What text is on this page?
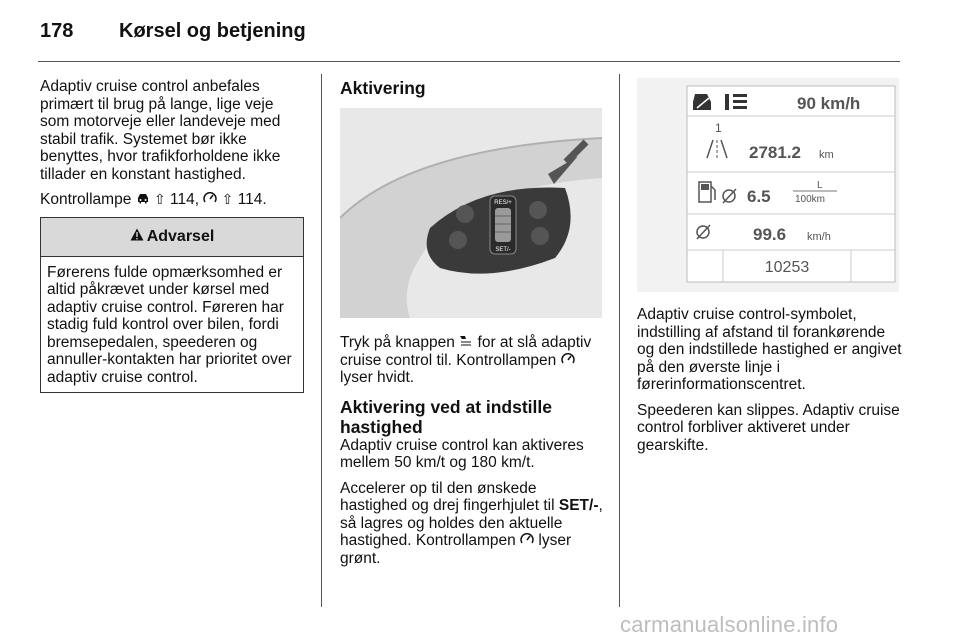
178 Kørsel og betjening

Adaptiv cruise control anbefales primært til brug på lange, lige veje som motorveje eller landeveje med stabil trafik. Systemet bør ikke benyttes, hvor trafikforholdene ikke tillader en konstant hastighed.

Kontrollampe ⇧ 114, ⇧ 114.

Advarsel
Førerens fulde opmærksomhed er altid påkrævet under kørsel med adaptiv cruise control. Føreren har stadig fuld kontrol over bilen, fordi bremsepedalen, speederen og annuller-kontakten har prioritet over adaptiv cruise control.
Aktivering
RES/+
SET/-

Tryk på knappen for at slå adaptiv cruise control til. Kontrollampen  lyser hvidt.

Aktivering ved at indstille hastighed

Adaptiv cruise control kan aktiveres mellem 50 km/t og 180 km/t.

Accelerer op til den ønskede hastighed og drej fingerhjulet til SET/-, så lagres og holdes den aktuelle hastighed. Kontrollampen lyser grønt.

90 km/h
1
2781.2 km
6.5
L
100km
99.6 km/h
10253

Adaptiv cruise control-symbolet, indstilling af afstand til forankørende og den indstillede hastighed er angivet på den øverste linje i førerinformationscentret.

Speederen kan slippes. Adaptiv cruise control forbliver aktiveret under gearskifte.

carmanualsonline.info
